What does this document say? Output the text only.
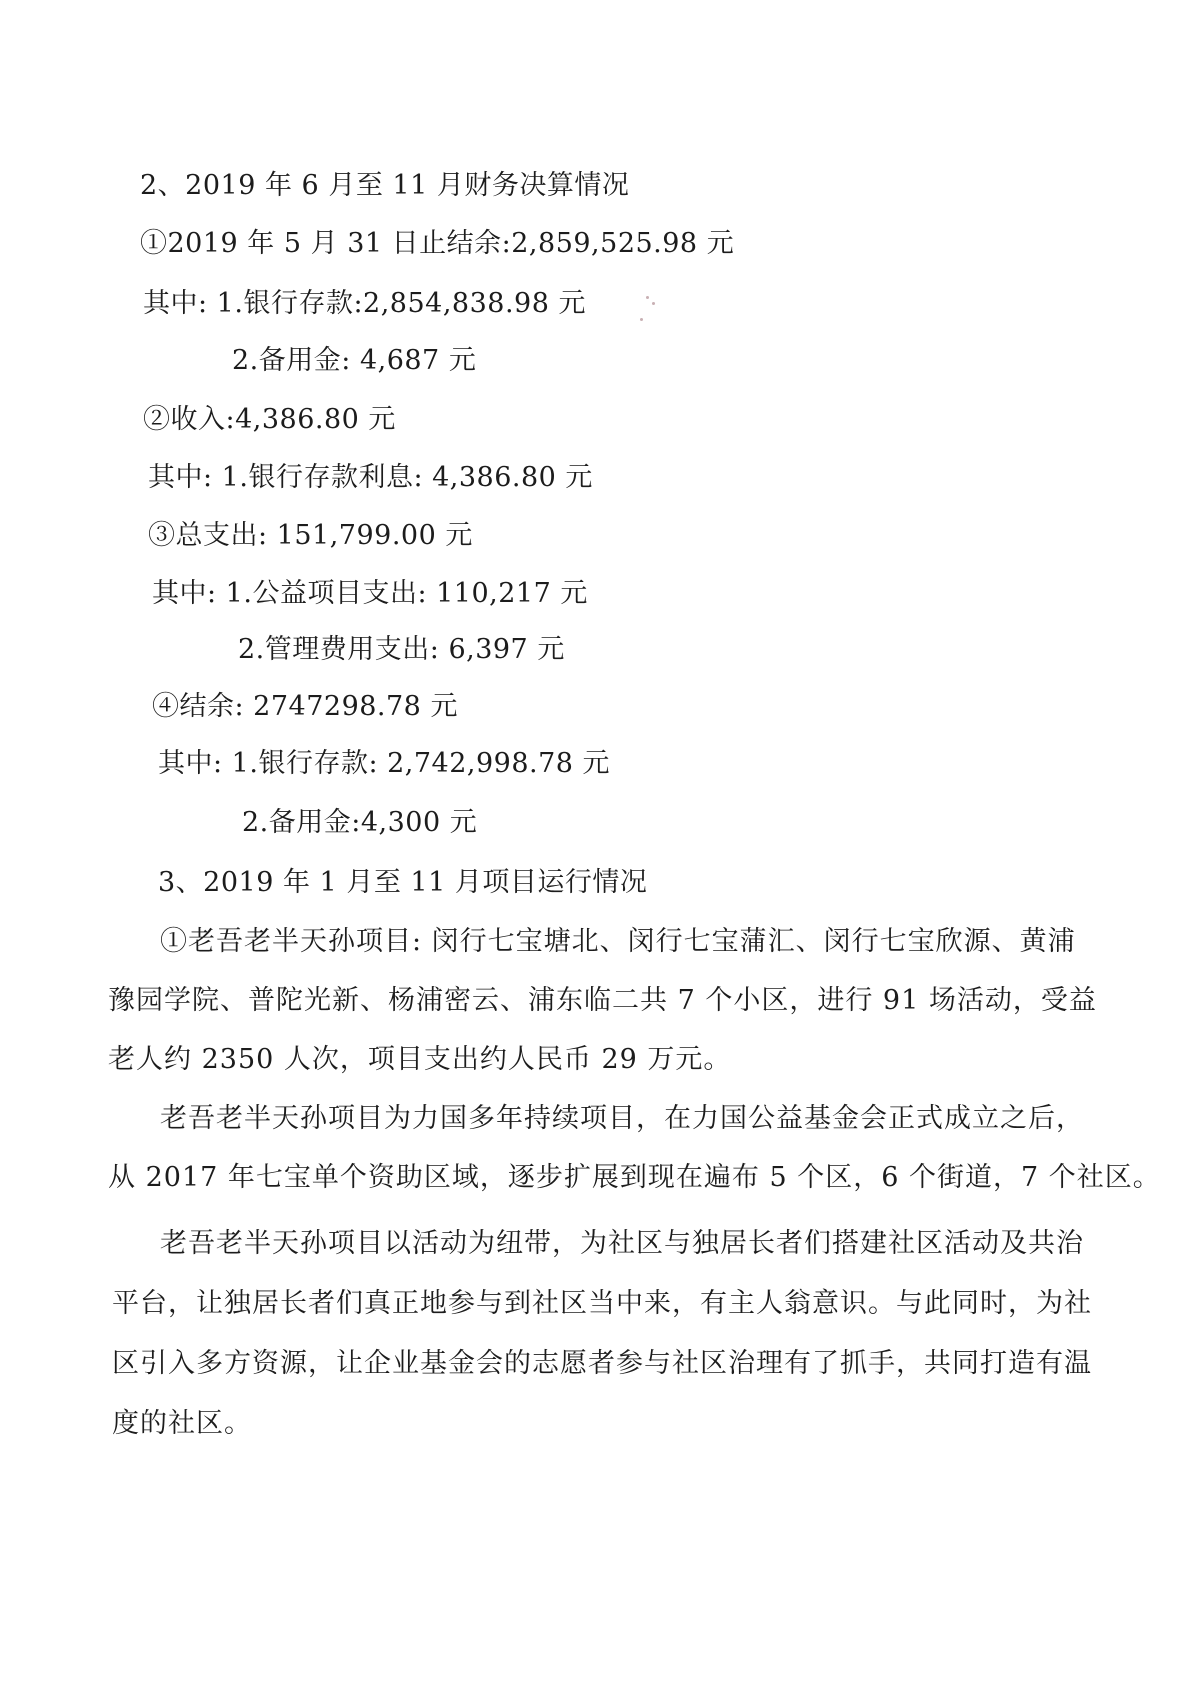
2、2019 年 6 月至 11 月财务决算情况
①2019 年 5 月 31 日止结余:2,859,525.98 元
其中: 1.银行存款:2,854,838.98 元
2.备用金: 4,687 元
②收入:4,386.80 元
其中: 1.银行存款利息: 4,386.80 元
③总支出: 151,799.00 元
其中: 1.公益项目支出: 110,217 元
2.管理费用支出: 6,397 元
④结余: 2747298.78 元
其中: 1.银行存款: 2,742,998.78 元
2.备用金:4,300 元
3、2019 年 1 月至 11 月项目运行情况
①老吾老半天孙项目: 闵行七宝塘北、闵行七宝蒲汇、闵行七宝欣源、黄浦
豫园学院、普陀光新、杨浦密云、浦东临二共 7 个小区，进行 91 场活动，受益
老人约 2350 人次，项目支出约人民币 29 万元。
老吾老半天孙项目为力国多年持续项目，在力国公益基金会正式成立之后，
从 2017 年七宝单个资助区域，逐步扩展到现在遍布 5 个区，6 个街道，7 个社区。
老吾老半天孙项目以活动为纽带，为社区与独居长者们搭建社区活动及共治
平台，让独居长者们真正地参与到社区当中来，有主人翁意识。与此同时，为社
区引入多方资源，让企业基金会的志愿者参与社区治理有了抓手，共同打造有温
度的社区。
